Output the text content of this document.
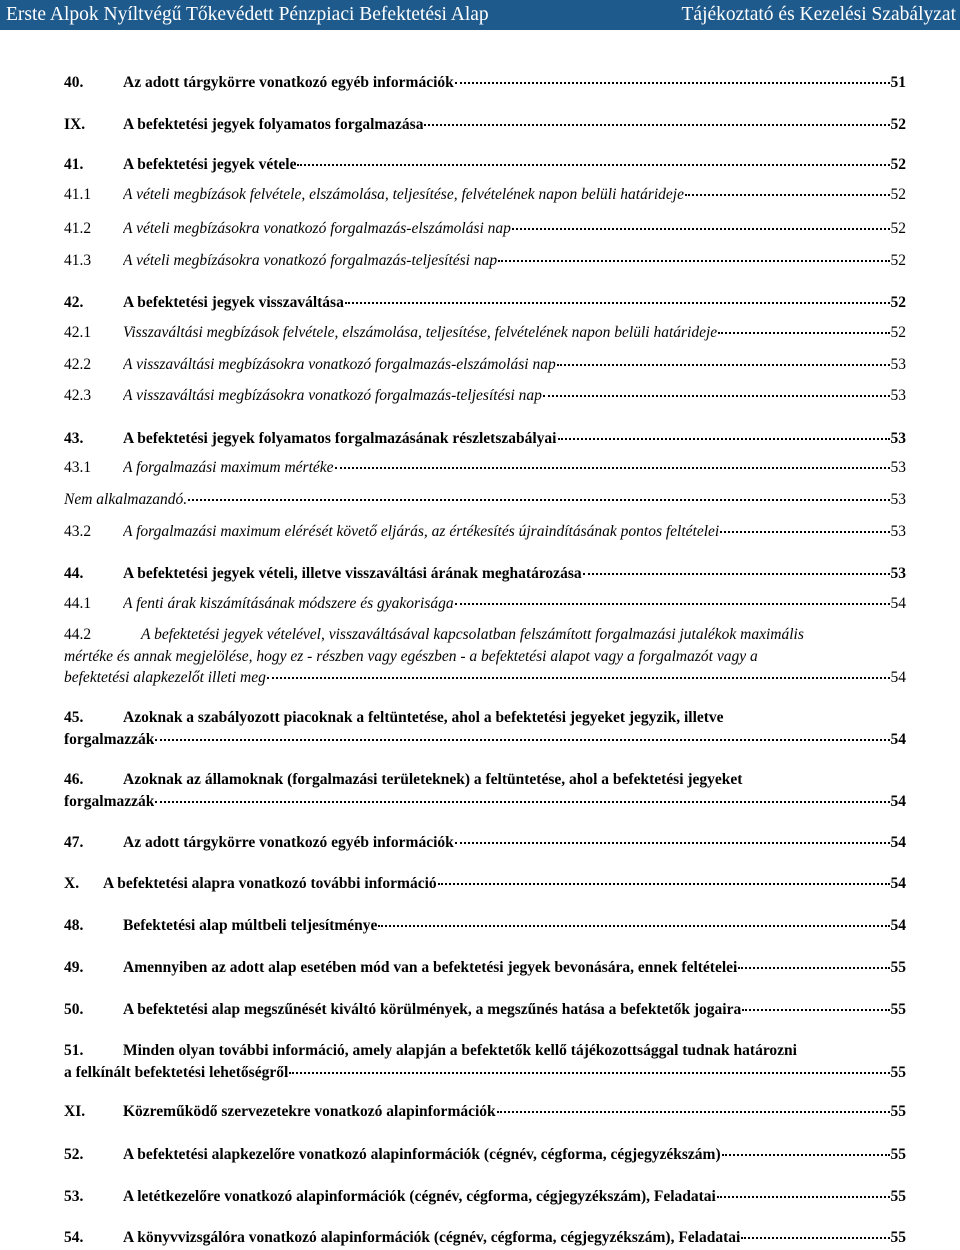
Erste Alpok Nyíltvégű Tőkevédett Pénzpiaci Befektetési Alap	Tájékoztató és Kezelési Szabályzat
40.	Az adott tárgykörre vonatkozó egyéb információk	51
IX.	A befektetési jegyek folyamatos forgalmazása	52
41.	A befektetési jegyek vétele	52
41.1	A vételi megbízások felvétele, elszámolása, teljesítése, felvételének napon belüli határideje	52
41.2	A vételi megbízásokra vonatkozó forgalmazás-elszámolási nap	52
41.3	A vételi megbízásokra vonatkozó forgalmazás-teljesítési nap	52
42.	A befektetési jegyek visszaváltása	52
42.1	Visszaváltási megbízások felvétele, elszámolása, teljesítése, felvételének napon belüli határideje	52
42.2	A visszaváltási megbízásokra vonatkozó forgalmazás-elszámolási nap	53
42.3	A visszaváltási megbízásokra vonatkozó forgalmazás-teljesítési nap	53
43.	A befektetési jegyek folyamatos forgalmazásának részletszabályai	53
43.1	A forgalmazási maximum mértéke	53
Nem alkalmazandó.	53
43.2	A forgalmazási maximum elérését követő eljárás, az értékesítés újraindításának pontos feltételei	53
44.	A befektetési jegyek vételi, illetve visszaváltási árának meghatározása	53
44.1	A fenti árak kiszámításának módszere és gyakorisága	54
44.2	A befektetési jegyek vételével, visszaváltásával kapcsolatban felszámított forgalmazási jutalékok maximális
mértéke és annak megjelölése, hogy ez - részben vagy egészben - a befektetési alapot vagy a forgalmazót vagy a
befektetési alapkezelőt illeti meg	54
45.	Azoknak a szabályozott piacoknak a feltüntetése, ahol a befektetési jegyeket jegyzik, illetve
forgalmazzák	54
46.	Azoknak az államoknak (forgalmazási területeknek) a feltüntetése, ahol a befektetési jegyeket
forgalmazzák	54
47.	Az adott tárgykörre vonatkozó egyéb információk	54
X.	A befektetési alapra vonatkozó további információ	54
48.	Befektetési alap múltbeli teljesítménye	54
49.	Amennyiben az adott alap esetében mód van a befektetési jegyek bevonására, ennek feltételei	55
50.	A befektetési alap megszűnését kiváltó körülmények, a megszűnés hatása a befektetők jogaira	55
51.	Minden olyan további információ, amely alapján a befektetők kellő tájékozottsággal tudnak határozni
a felkínált befektetési lehetőségről	55
XI.	Közreműködő szervezetekre vonatkozó alapinformációk	55
52.	A befektetési alapkezelőre vonatkozó alapinformációk (cégnév, cégforma, cégjegyzékszám)	55
53.	A letétkezelőre vonatkozó alapinformációk (cégnév, cégforma, cégjegyzékszám), Feladatai	55
54.	A könyvvizsgálóra vonatkozó alapinformációk (cégnév, cégforma, cégjegyzékszám), Feladatai	55
